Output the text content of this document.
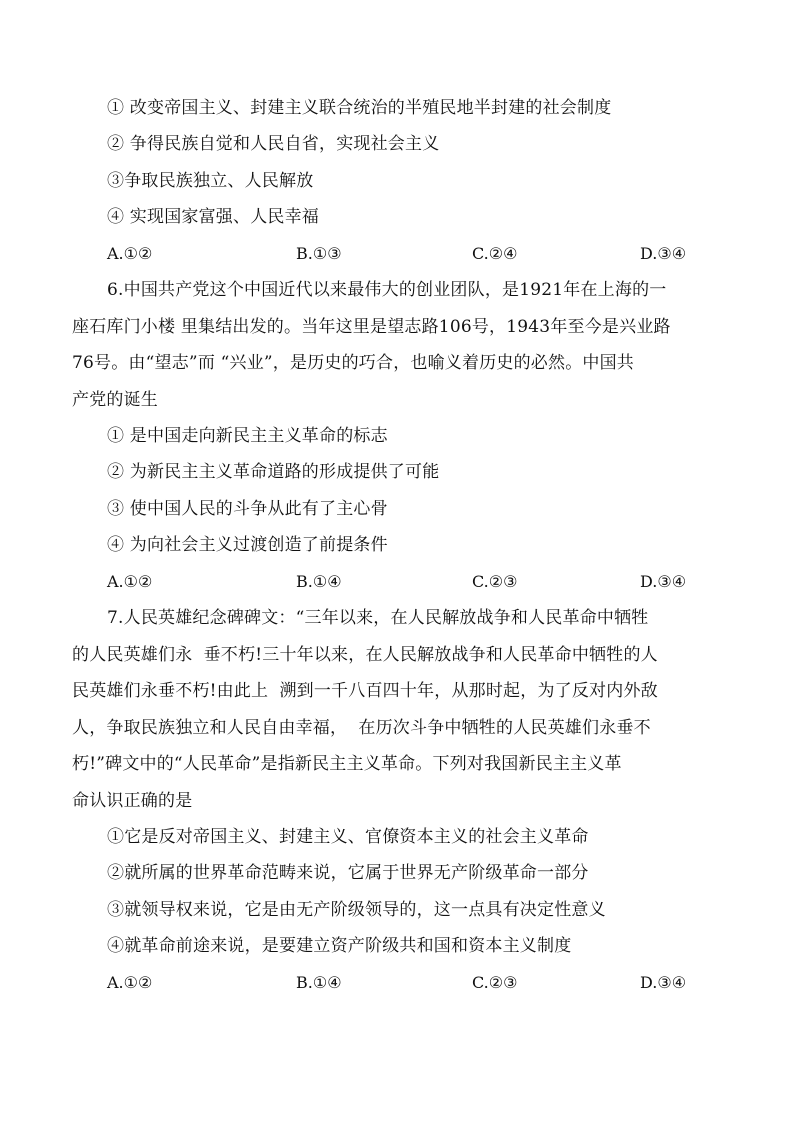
① 改变帝国主义、封建主义联合统治的半殖民地半封建的社会制度
② 争得民族自觉和人民自省，实现社会主义
③争取民族独立、人民解放
④ 实现国家富强、人民幸福
A.①②	B.①③	C.②④	D.③④
6.中国共产党这个中国近代以来最伟大的创业团队，是1921年在上海的一
座石库门小楼 里集结出发的。当年这里是望志路106号，1943年至今是兴业路
76号。由“望志”而 “兴业”，是历史的巧合，也喻义着历史的必然。中国共
产党的诞生
① 是中国走向新民主主义革命的标志
② 为新民主主义革命道路的形成提供了可能
③ 使中国人民的斗争从此有了主心骨
④ 为向社会主义过渡创造了前提条件
A.①②	B.①④	C.②③	D.③④
7.人民英雄纪念碑碑文：“三年以来，在人民解放战争和人民革命中牺牲
的人民英雄们永  垂不朽!三十年以来，在人民解放战争和人民革命中牺牲的人
民英雄们永垂不朽!由此上  溯到一千八百四十年，从那时起，为了反对内外敌
人，争取民族独立和人民自由幸福，  在历次斗争中牺牲的人民英雄们永垂不
朽!”碑文中的“人民革命”是指新民主主义革命。下列对我国新民主主义革
命认识正确的是
①它是反对帝国主义、封建主义、官僚资本主义的社会主义革命
②就所属的世界革命范畴来说，它属于世界无产阶级革命一部分
③就领导权来说，它是由无产阶级领导的，这一点具有决定性意义
④就革命前途来说，是要建立资产阶级共和国和资本主义制度
A.①②	B.①④	C.②③	D.③④
